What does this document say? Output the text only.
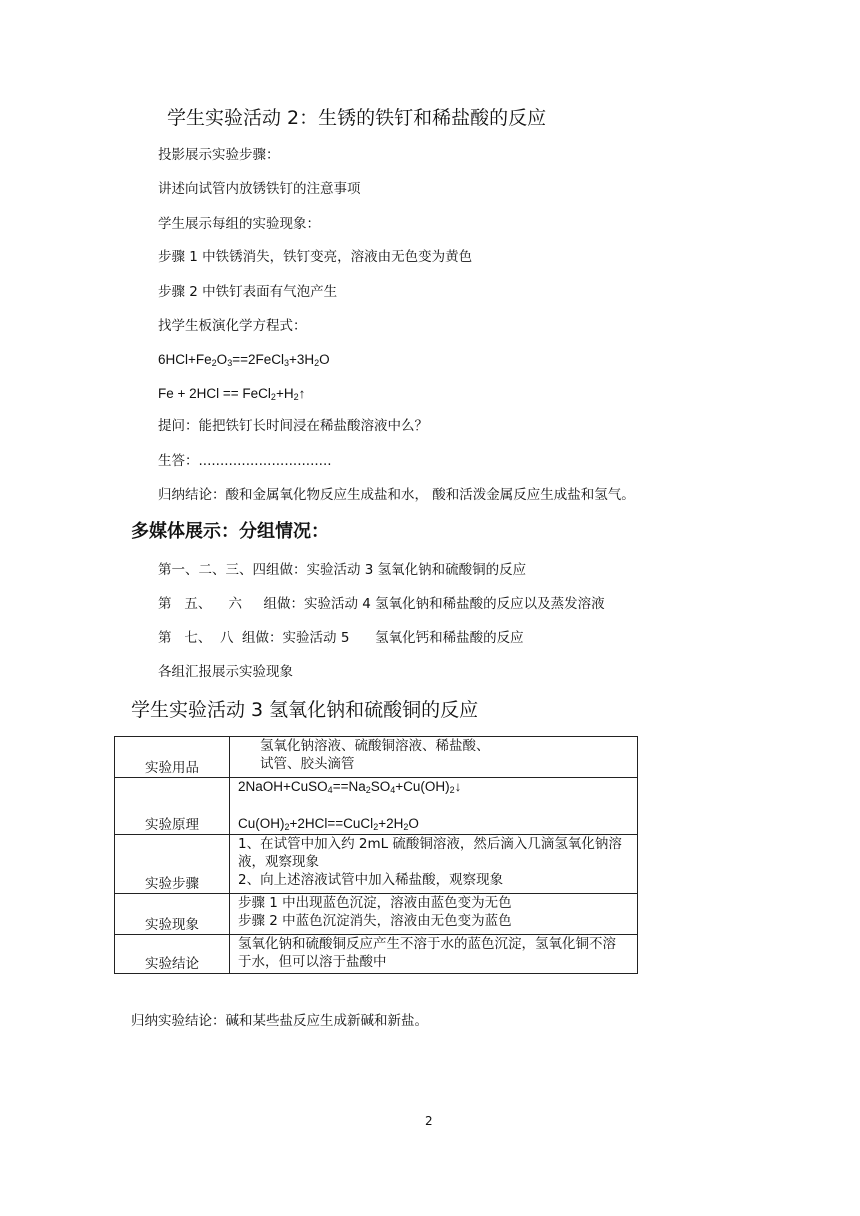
学生实验活动 2：生锈的铁钉和稀盐酸的反应
投影展示实验步骤：
讲述向试管内放锈铁钉的注意事项
学生展示每组的实验现象：
步骤 1 中铁锈消失，铁钉变亮，溶液由无色变为黄色
步骤 2 中铁钉表面有气泡产生
找学生板演化学方程式：
$6HCl+Fe_2O_3==2FeCl_3+3H_2O$
$Fe + 2HCl == FeCl_2+H_2↑$
提问：能把铁钉长时间浸在稀盐酸溶液中么？
生答：...............................
归纳结论：酸和金属氧化物反应生成盐和水， 酸和活泼金属反应生成盐和氢气。
多媒体展示：分组情况：
第一、二、三、四组做：实验活动 3 氢氧化钠和硫酸铜的反应
第   五、    六     组做：实验活动 4 氢氧化钠和稀盐酸的反应以及蒸发溶液
第   七、  八  组做：实验活动 5      氢氧化钙和稀盐酸的反应
各组汇报展示实验现象
学生实验活动 3 氢氧化钠和硫酸铜的反应
实验用品	氢氧化钠溶液、硫酸铜溶液、稀盐酸、
试管、胶头滴管

实验原理	$2NaOH+CuSO_4==Na_2SO_4+Cu(OH)_2↓$
$Cu(OH)_2+2HCl==CuCl_2+2H_2O$

实验步骤	1、在试管中加入约 2mL 硫酸铜溶液，然后滴入几滴氢氧化钠溶液，观察现象
2、向上述溶液试管中加入稀盐酸，观察现象

实验现象	步骤 1 中出现蓝色沉淀，溶液由蓝色变为无色
步骤 2 中蓝色沉淀消失，溶液由无色变为蓝色

实验结论	氢氧化钠和硫酸铜反应产生不溶于水的蓝色沉淀，氢氧化铜不溶于水，但可以溶于盐酸中
归纳实验结论：碱和某些盐反应生成新碱和新盐。
2
